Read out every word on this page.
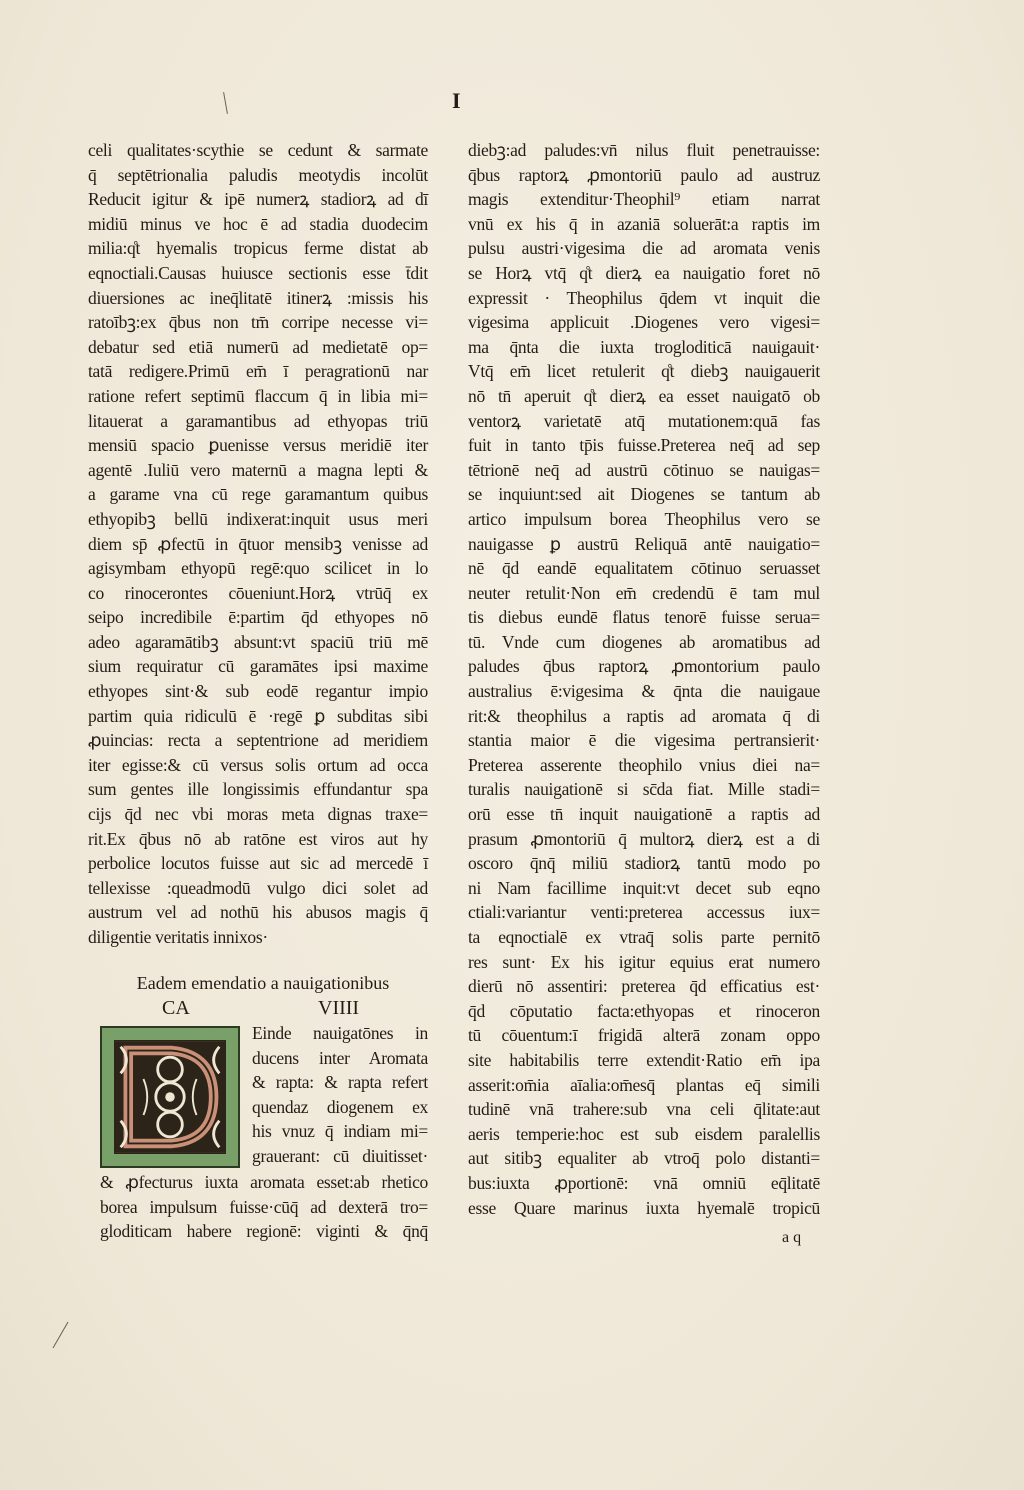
I
celi qualitates·scythie se cedunt & sarmate
q̄ septētrionalia paludis meotydis incolūt
Reducit igitur & ipē numerꝝ stadiorꝝ ad dī
midiū minus ve hoc ē ad stadia duodecim
milia:q̊t hyemalis tropicus ferme distat ab
eqnoctiali.Causas huiusce sectionis esse t̄dit
diuersiones ac ineq̄litatē itinerꝝ :missis his
ratoībꝫ:ex q̄bus non tm̄ corripe necesse vi=
debatur sed etiā numerū ad medietatē op=
tatā redigere.Primū em̄ ī peragrationū nar
ratione refert septimū flaccum q̄ in libia mi=
litauerat a garamantibus ad ethyopas triū
mensiū spacio ꝑuenisse versus meridiē iter
agentē .Iuliū vero maternū a magna lepti &
a garame vna cū rege garamantum quibus
ethyopibꝫ bellū indixerat:inquit usus meri
diem sp̄ ꝓfectū in q̄tuor mensibꝫ venisse ad
agisymbam ethyopū regē:quo scilicet in lo
co rinocerontes cōueniunt.Horꝝ vtrūq̄ ex
seipo incredibile ē:partim q̄d ethyopes nō
adeo agaramātibꝫ absunt:vt spaciū triū mē
sium requiratur cū garamātes ipsi maxime
ethyopes sint·& sub eodē regantur impio
partim quia ridiculū ē ·regē ꝑ subditas sibi
ꝓuincias: recta a septentrione ad meridiem
iter egisse:& cū versus solis ortum ad occa
sum gentes ille longissimis effundantur spa
cijs q̄d nec vbi moras meta dignas traxe=
rit.Ex q̄bus nō ab ratōne est viros aut hy
perbolice locutos fuisse aut sic ad mercedē ī
tellexisse :queadmodū vulgo dici solet ad
austrum vel ad nothū his abusos magis q̄
diligentie veritatis innixos·
Eadem emendatio a nauigationibus
CA	VIIII
Einde nauigatōnes in
ducens inter Aromata
& rapta: & rapta refert
quendaz diogenem ex
his vnuz q̄ indiam mi=
grauerant: cū diuitisset·
& ꝓfecturus iuxta aromata esset:ab rhetico
borea impulsum fuisse·cūq̄ ad dexterā tro=
gloditicam habere regionē: viginti & q̄nq̄
diebꝫ:ad paludes:vn̄ nilus fluit penetrauisse:
q̄bus raptorꝝ ꝓmontoriū paulo ad austruz
magis extenditur·Theophil⁹ etiam narrat
vnū ex his q̄ in azaniā soluerāt:a raptis im
pulsu austri·vigesima die ad aromata venis
se Horꝝ vtq̄ q̊t dierꝝ ea nauigatio foret nō
expressit · Theophilus q̄dem vt inquit die
vigesima applicuit .Diogenes vero vigesi=
ma q̄nta die iuxta trogloditicā nauigauit·
Vtq̄ em̄ licet retulerit q̊t diebꝫ nauigauerit
nō tn̄ aperuit q̊t dierꝝ ea esset nauigatō ob
ventorꝝ varietatē atq̄ mutationem:quā fas
fuit in tanto tp̄is fuisse.Preterea neq̄ ad sep
tētrionē neq̄ ad austrū cōtinuo se nauigas=
se inquiunt:sed ait Diogenes se tantum ab
artico impulsum borea Theophilus vero se
nauigasse ꝑ austrū Reliquā antē nauigatio=
nē q̄d eandē equalitatem cōtinuo seruasset
neuter retulit·Non em̄ credendū ē tam mul
tis diebus eundē flatus tenorē fuisse serua=
tū. Vnde cum diogenes ab aromatibus ad
paludes q̄bus raptorꝝ ꝓmontorium paulo
australius ē:vigesima & q̄nta die nauigaue
rit:& theophilus a raptis ad aromata q̄ di
stantia maior ē die vigesima pertransierit·
Preterea asserente theophilo vnius diei na=
turalis nauigationē si sc̄da fiat. Mille stadi=
orū esse tn̄ inquit nauigationē a raptis ad
prasum ꝓmontoriū q̄ multorꝝ dierꝝ est a di
oscoro q̄nq̄ miliū stadiorꝝ tantū modo po
ni Nam facillime inquit:vt decet sub eqno
ctiali:variantur venti:preterea accessus iux=
ta eqnoctialē ex vtraq̄ solis parte pernitō
res sunt· Ex his igitur equius erat numero
dierū nō assentiri: preterea q̄d efficatius est·
q̄d cōputatio facta:ethyopas et rinoceron
tū cōuentum:ī frigidā alterā zonam oppo
site habitabilis terre extendit·Ratio em̄ ipa
asserit:om̄ia aīalia:om̄esq̄ plantas eq̄ simili
tudinē vnā trahere:sub vna celi q̄litate:aut
aeris temperie:hoc est sub eisdem paralellis
aut sitibꝫ equaliter ab vtroq̄ polo distanti=
bus:iuxta ꝓportionē: vnā omniū eq̄litatē
esse Quare marinus iuxta hyemalē tropicū
a q
